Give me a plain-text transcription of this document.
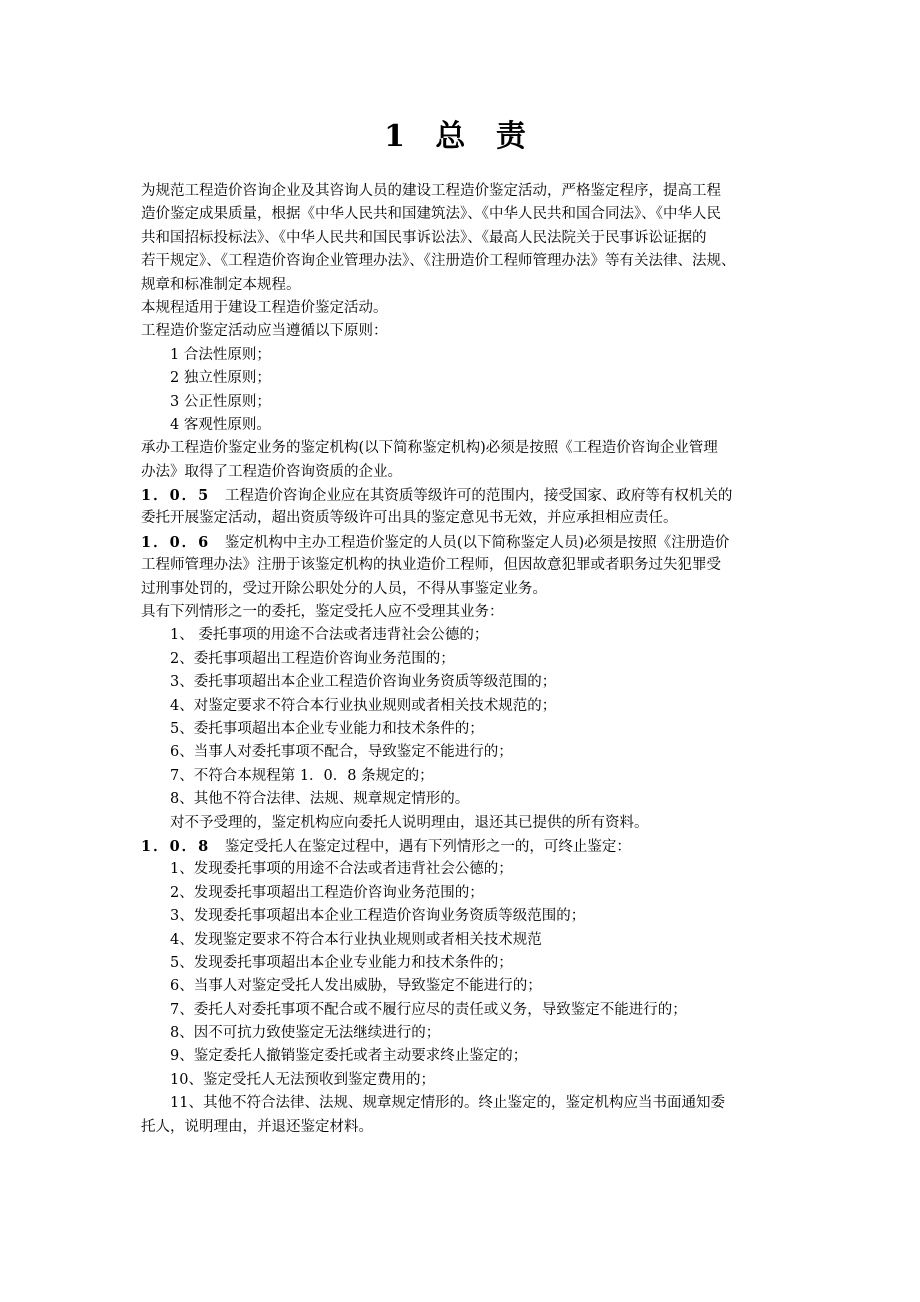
1 总 责
为规范工程造价咨询企业及其咨询人员的建设工程造价鉴定活动，严格鉴定程序，提高工程
造价鉴定成果质量，根据《中华人民共和国建筑法》、《中华人民共和国合同法》、《中华人民
共和国招标投标法》、《中华人民共和国民事诉讼法》、《最高人民法院关于民事诉讼证据的
若干规定》、《工程造价咨询企业管理办法》、《注册造价工程师管理办法》等有关法律、法规、
规章和标准制定本规程。
本规程适用于建设工程造价鉴定活动。
工程造价鉴定活动应当遵循以下原则：
1 合法性原则；
2 独立性原则；
3 公正性原则；
4 客观性原则。
承办工程造价鉴定业务的鉴定机构(以下简称鉴定机构)必须是按照《工程造价咨询企业管理
办法》取得了工程造价咨询资质的企业。
1．0．5 工程造价咨询企业应在其资质等级许可的范围内，接受国家、政府等有权机关的
委托开展鉴定活动，超出资质等级许可出具的鉴定意见书无效，并应承担相应责任。
1．0．6 鉴定机构中主办工程造价鉴定的人员(以下简称鉴定人员)必须是按照《注册造价
工程师管理办法》注册于该鉴定机构的执业造价工程师，但因故意犯罪或者职务过失犯罪受
过刑事处罚的，受过开除公职处分的人员，不得从事鉴定业务。
具有下列情形之一的委托，鉴定受托人应不受理其业务：
1、 委托事项的用途不合法或者违背社会公德的；
2、委托事项超出工程造价咨询业务范围的；
3、委托事项超出本企业工程造价咨询业务资质等级范围的；
4、对鉴定要求不符合本行业执业规则或者相关技术规范的；
5、委托事项超出本企业专业能力和技术条件的；
6、当事人对委托事项不配合，导致鉴定不能进行的；
7、不符合本规程第 1．0．8 条规定的；
8、其他不符合法律、法规、规章规定情形的。
对不予受理的，鉴定机构应向委托人说明理由，退还其已提供的所有资料。
1．0．8 鉴定受托人在鉴定过程中，遇有下列情形之一的，可终止鉴定：
1、发现委托事项的用途不合法或者违背社会公德的；
2、发现委托事项超出工程造价咨询业务范围的；
3、发现委托事项超出本企业工程造价咨询业务资质等级范围的；
4、发现鉴定要求不符合本行业执业规则或者相关技术规范
5、发现委托事项超出本企业专业能力和技术条件的；
6、当事人对鉴定受托人发出威胁，导致鉴定不能进行的；
7、委托人对委托事项不配合或不履行应尽的责任或义务，导致鉴定不能进行的；
8、因不可抗力致使鉴定无法继续进行的；
9、鉴定委托人撤销鉴定委托或者主动要求终止鉴定的；
10、鉴定受托人无法预收到鉴定费用的；
11、其他不符合法律、法规、规章规定情形的。终止鉴定的，鉴定机构应当书面通知委
托人，说明理由，并退还鉴定材料。
